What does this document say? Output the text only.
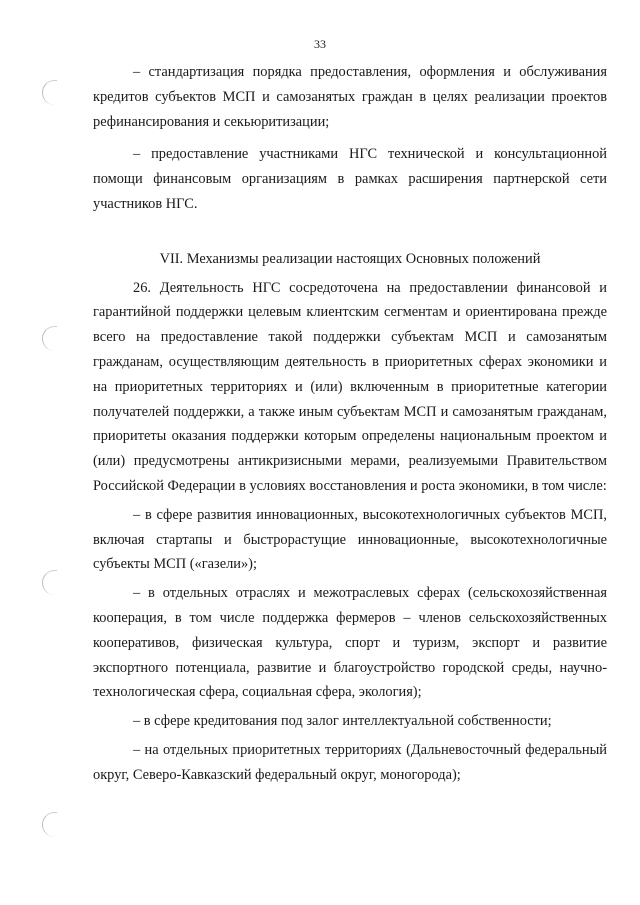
33

– стандартизация порядка предоставления, оформления и обслуживания кредитов субъектов МСП и самозанятых граждан в целях реализации проектов рефинансирования и секьюритизации;

– предоставление участниками НГС технической и консультационной помощи финансовым организациям в рамках расширения партнерской сети участников НГС.

VII. Механизмы реализации настоящих Основных положений

26. Деятельность НГС сосредоточена на предоставлении финансовой и гарантийной поддержки целевым клиентским сегментам и ориентирована прежде всего на предоставление такой поддержки субъектам МСП и самозанятым гражданам, осуществляющим деятельность в приоритетных сферах экономики и на приоритетных территориях и (или) включенным в приоритетные категории получателей поддержки, а также иным субъектам МСП и самозанятым гражданам, приоритеты оказания поддержки которым определены национальным проектом и (или) предусмотрены антикризисными мерами, реализуемыми Правительством Российской Федерации в условиях восстановления и роста экономики, в том числе:

– в сфере развития инновационных, высокотехнологичных субъектов МСП, включая стартапы и быстрорастущие инновационные, высокотехнологичные субъекты МСП («газели»);

– в отдельных отраслях и межотраслевых сферах (сельскохозяйственная кооперация, в том числе поддержка фермеров – членов сельскохозяйственных кооперативов, физическая культура, спорт и туризм, экспорт и развитие экспортного потенциала, развитие и благоустройство городской среды, научно-технологическая сфера, социальная сфера, экология);

– в сфере кредитования под залог интеллектуальной собственности;

– на отдельных приоритетных территориях (Дальневосточный федеральный округ, Северо-Кавказский федеральный округ, моногорода);
